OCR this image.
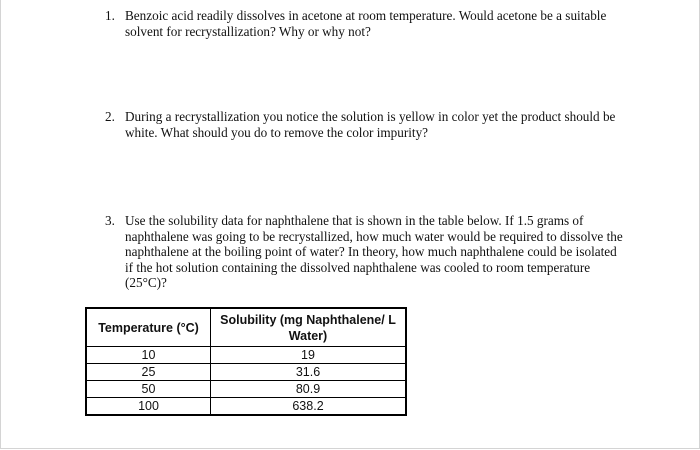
1. Benzoic acid readily dissolves in acetone at room temperature. Would acetone be a suitable solvent for recrystallization? Why or why not?
2. During a recrystallization you notice the solution is yellow in color yet the product should be white. What should you do to remove the color impurity?
3. Use the solubility data for naphthalene that is shown in the table below. If 1.5 grams of naphthalene was going to be recrystallized, how much water would be required to dissolve the naphthalene at the boiling point of water? In theory, how much naphthalene could be isolated if the hot solution containing the dissolved naphthalene was cooled to room temperature (25°C)?
Temperature (°C)	Solubility (mg Naphthalene/ L Water)
10	19
25	31.6
50	80.9
100	638.2
